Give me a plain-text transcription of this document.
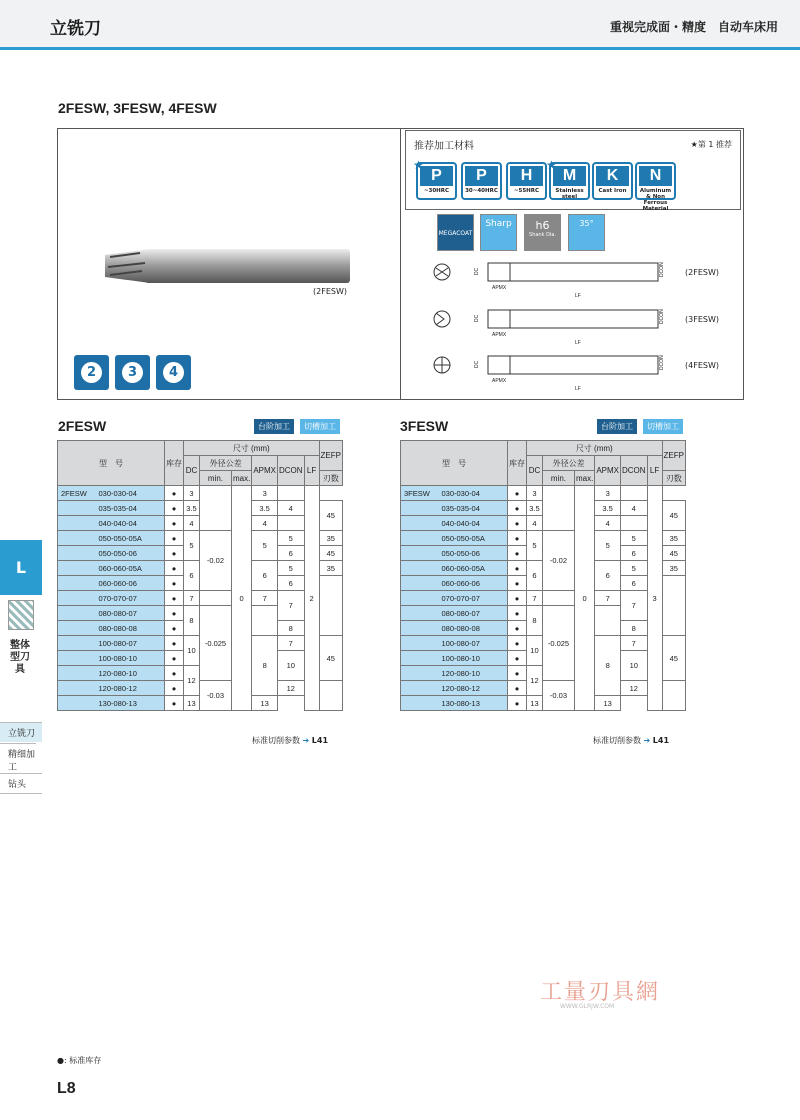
立铣刀	重视完成面・精度　自动车床用
2FESW, 3FESW, 4FESW
(2FESW)
推荐加工材料	★第 1 推荐
★
P
~30HRC
P
30~40HRC
H
~55HRC
★
M
Stainless steel
K
Cast Iron
N
Aluminum & Non Ferrous Material
MEGACOAT
Sharp	h6
Shank Dia.
35°
DC	DCON
APMX
LF
DC	DCON
APMX
LF
DC	DCON
APMX
LF
(2FESW)
(3FESW)
(4FESW)
2	3	4
2FESW	台阶加工	切槽加工	3FESW	台阶加工	切槽加工
型　号		库存	尺寸 (mm)						ZEFP
			DC	外径公差		APMX	DCON	LF	
				min.	max.				刃数
2FESW	030-030-04	●	3		0	3		2	
	035-035-04	●	3.5			3.5	4		45
	040-040-04	●	4			4			
	050-050-05A	●	5	-0.02		5	5		35
	050-050-06	●					6		45
	060-060-05A	●	6			6	5		35
	060-060-06	●					6		
	070-070-07	●	7			7	7		
	080-080-07	●	8	-0.025					
	080-080-08	●					8		
	100-080-07	●	10			8	7		45
	100-080-10	●					10		
	120-080-10	●	12						
	120-080-12	●		-0.03			12		
	130-080-13	●	13			13			
型　号		库存	尺寸 (mm)						ZEFP
			DC	外径公差		APMX	DCON	LF	
				min.	max.				刃数
3FESW	030-030-04	●	3		0	3		3	
	035-035-04	●	3.5			3.5	4		45
	040-040-04	●	4			4			
	050-050-05A	●	5	-0.02		5	5		35
	050-050-06	●					6		45
	060-060-05A	●	6			6	5		35
	060-060-06	●					6		
	070-070-07	●	7			7	7		
	080-080-07	●	8	-0.025					
	080-080-08	●					8		
	100-080-07	●	10			8	7		45
	100-080-10	●					10		
	120-080-10	●	12						
	120-080-12	●		-0.03			12		
	130-080-13	●	13			13			
标准切削参数 ➔ L41	标准切削参数 ➔ L41
L
整体型刀具
立铣刀
精细加工
钻头
工量刃具網
WWW.GLRJW.COM
●: 标准库存
L8
